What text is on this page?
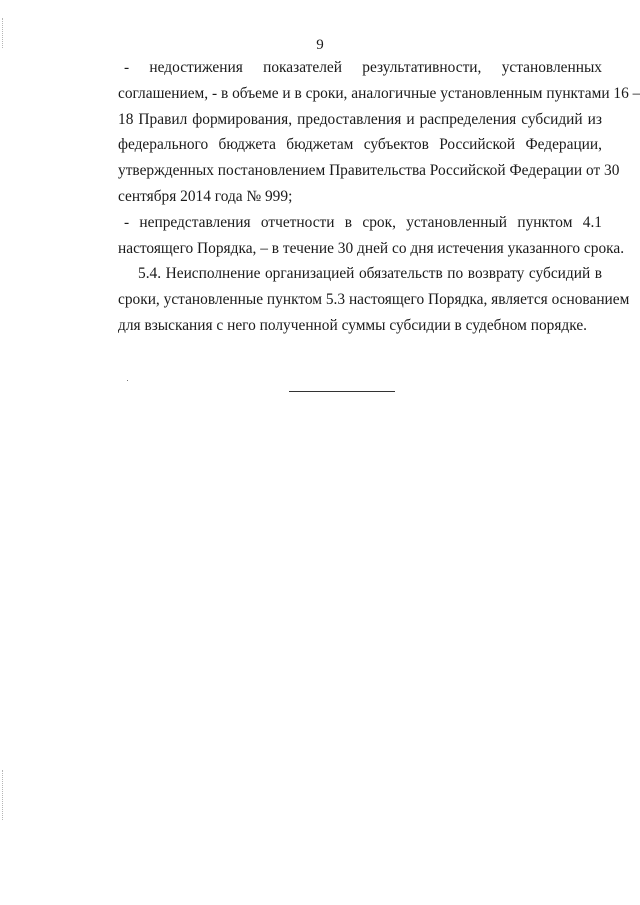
9

- недостижения показателей результативности, установленных
соглашением, - в объеме и в сроки, аналогичные установленным пунктами 16 –
18 Правил формирования, предоставления и распределения субсидий из
федерального бюджета бюджетам субъектов Российской Федерации,
утвержденных постановлением Правительства Российской Федерации от 30
сентября 2014 года № 999;

- непредставления отчетности в срок, установленный пунктом 4.1
настоящего Порядка, – в течение 30 дней со дня истечения указанного срока.

5.4. Неисполнение организацией обязательств по возврату субсидий в
сроки, установленные пунктом 5.3 настоящего Порядка, является основанием
для взыскания с него полученной суммы субсидии в судебном порядке.
